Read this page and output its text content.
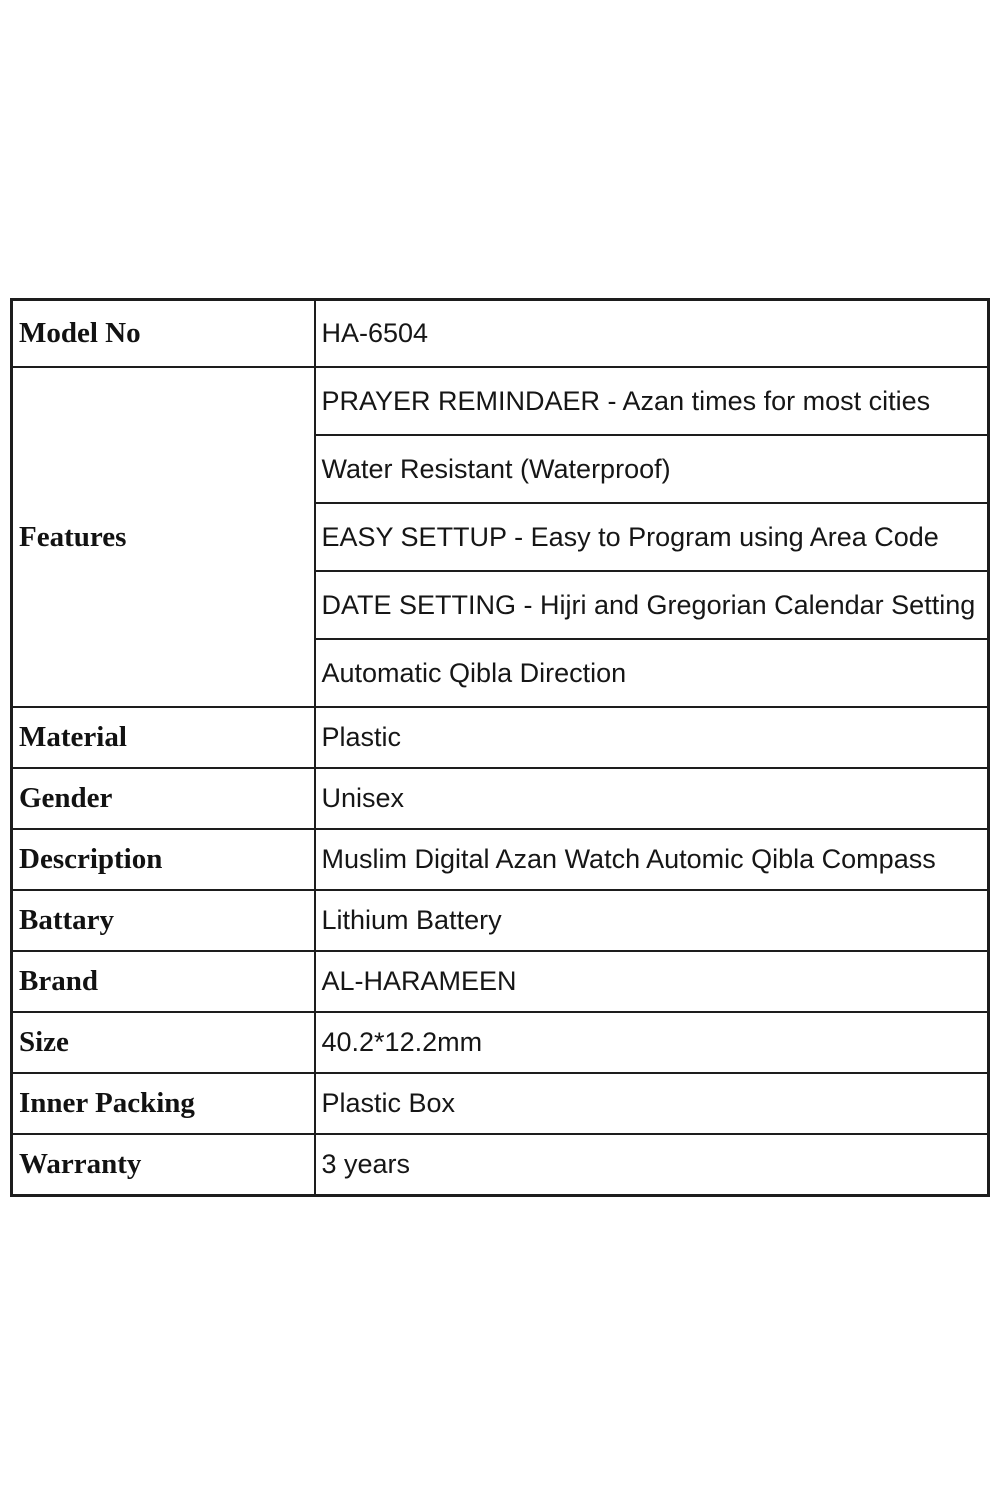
Model No	HA-6504
Features	PRAYER REMINDAER - Azan times for most cities
	Water Resistant (Waterproof)
	EASY SETTUP - Easy to Program using Area Code
	DATE SETTING - Hijri and Gregorian Calendar Setting
	Automatic Qibla Direction
Material	Plastic
Gender	Unisex
Description	Muslim Digital Azan Watch Automic Qibla Compass
Battary	Lithium Battery
Brand	AL-HARAMEEN
Size	40.2*12.2mm
Inner Packing	Plastic Box
Warranty	3 years
